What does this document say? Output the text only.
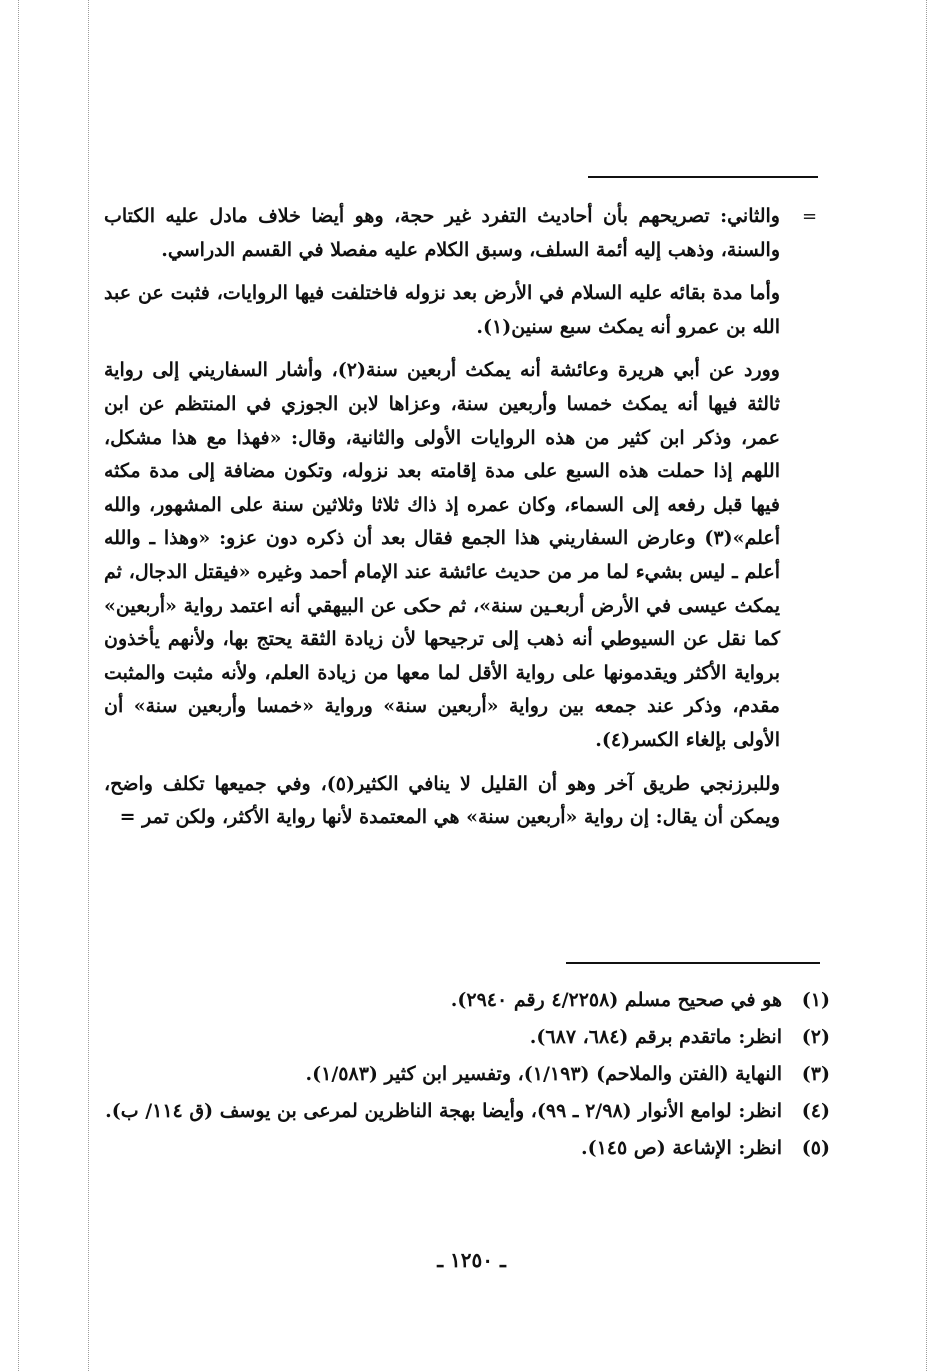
=

والثاني: تصريحهم بأن أحاديث التفرد غير حجة، وهو أيضا خلاف مادل عليه الكتاب والسنة، وذهب إليه أئمة السلف، وسبق الكلام عليه مفصلا في القسم الدراسي.

وأما مدة بقائه عليه السلام في الأرض بعد نزوله فاختلفت فيها الروايات، فثبت عن عبد الله بن عمرو أنه يمكث سبع سنين(١).

وورد عن أبي هريرة وعائشة أنه يمكث أربعين سنة(٢)، وأشار السفاريني إلى رواية ثالثة فيها أنه يمكث خمسا وأربعين سنة، وعزاها لابن الجوزي في المنتظم عن ابن عمر، وذكر ابن كثير من هذه الروايات الأولى والثانية، وقال: «فهذا مع هذا مشكل، اللهم إذا حملت هذه السبع على مدة إقامته بعد نزوله، وتكون مضافة إلى مدة مكثه فيها قبل رفعه إلى السماء، وكان عمره إذ ذاك ثلاثا وثلاثين سنة على المشهور، والله أعلم»(٣) وعارض السفاريني هذا الجمع فقال بعد أن ذكره دون عزو: «وهذا ـ والله أعلم ـ ليس بشيء لما مر من حديث عائشة عند الإمام أحمد وغيره «فيقتل الدجال، ثم يمكث عيسى في الأرض أربعـين سنة»، ثم حكى عن البيهقي أنه اعتمد رواية «أربعين» كما نقل عن السيوطي أنه ذهب إلى ترجيحها لأن زيادة الثقة يحتج بها، ولأنهم يأخذون برواية الأكثر ويقدمونها على رواية الأقل لما معها من زيادة العلم، ولأنه مثبت والمثبت مقدم، وذكر عند جمعه بين رواية «أربعين سنة» ورواية «خمسا وأربعين سنة» أن الأولى بإلغاء الكسر(٤).

وللبرزنجي طريق آخر وهو أن القليل لا ينافي الكثير(٥)، وفي جميعها تكلف واضح، ويمكن أن يقال: إن رواية «أربعين سنة» هي المعتمدة لأنها رواية الأكثر، ولكن تمر =

(١)
هو في صحيح مسلم (٤/٢٢٥٨ رقم ٢٩٤٠).
(٢)
انظر: ماتقدم برقم (٦٨٤، ٦٨٧).
(٣)
النهاية (الفتن والملاحم) (١/١٩٣)، وتفسير ابن كثير (١/٥٨٣).
(٤)
انظر: لوامع الأنوار (٢/٩٨ ـ ٩٩)، وأيضا بهجة الناظرين لمرعى بن يوسف (ق ١١٤/ ب).
(٥)
انظر: الإشاعة (ص ١٤٥).
ـ ١٢٥٠ ـ
